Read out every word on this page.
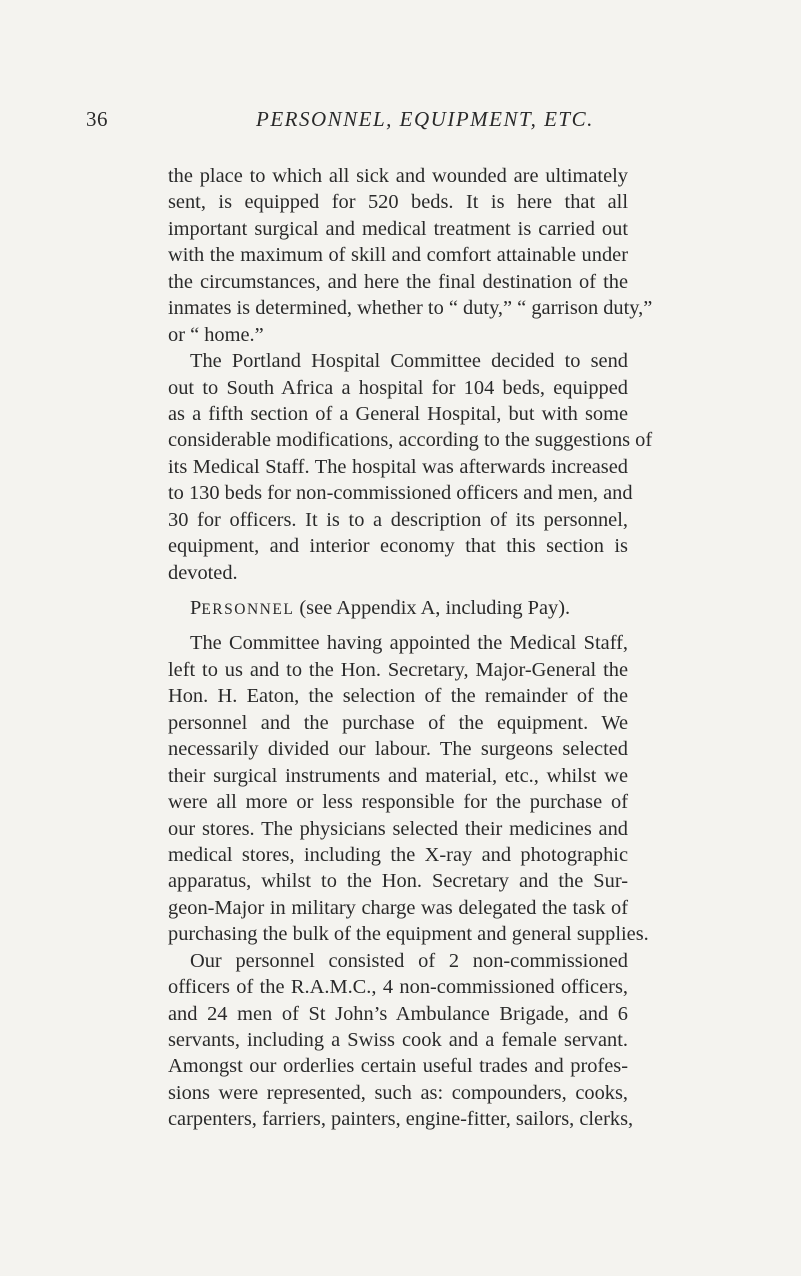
36	PERSONNEL, EQUIPMENT, ETC.
the place to which all sick and wounded are ultimately
sent, is equipped for 520 beds. It is here that all
important surgical and medical treatment is carried out
with the maximum of skill and comfort attainable under
the circumstances, and here the final destination of the
inmates is determined, whether to “ duty,” “ garrison duty,”
or “ home.”
The Portland Hospital Committee decided to send
out to South Africa a hospital for 104 beds, equipped
as a fifth section of a General Hospital, but with some
considerable modifications, according to the suggestions of
its Medical Staff. The hospital was afterwards increased
to 130 beds for non-commissioned officers and men, and
30 for officers. It is to a description of its personnel,
equipment, and interior economy that this section is
devoted.
PERSONNEL (see Appendix A, including Pay).
The Committee having appointed the Medical Staff,
left to us and to the Hon. Secretary, Major-General the
Hon. H. Eaton, the selection of the remainder of the
personnel and the purchase of the equipment. We
necessarily divided our labour. The surgeons selected
their surgical instruments and material, etc., whilst we
were all more or less responsible for the purchase of
our stores. The physicians selected their medicines and
medical stores, including the X-ray and photographic
apparatus, whilst to the Hon. Secretary and the Sur-
geon-Major in military charge was delegated the task of
purchasing the bulk of the equipment and general supplies.
Our personnel consisted of 2 non-commissioned
officers of the R.A.M.C., 4 non-commissioned officers,
and 24 men of St John’s Ambulance Brigade, and 6
servants, including a Swiss cook and a female servant.
Amongst our orderlies certain useful trades and profes-
sions were represented, such as: compounders, cooks,
carpenters, farriers, painters, engine-fitter, sailors, clerks,
